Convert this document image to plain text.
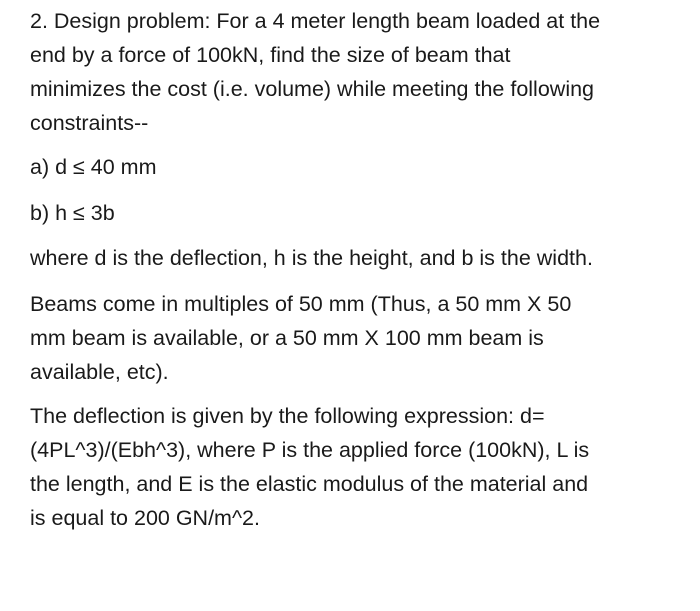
2. Design problem: For a 4 meter length beam loaded at the
end by a force of 100kN, find the size of beam that
minimizes the cost (i.e. volume) while meeting the following
constraints--

a) d ≤ 40 mm

b) h ≤ 3b

where d is the deflection, h is the height, and b is the width.

Beams come in multiples of 50 mm (Thus, a 50 mm X 50
mm beam is available, or a 50 mm X 100 mm beam is
available, etc).

The deflection is given by the following expression: d=
(4PL^3)/(Ebh^3), where P is the applied force (100kN), L is
the length, and E is the elastic modulus of the material and
is equal to 200 GN/m^2.
